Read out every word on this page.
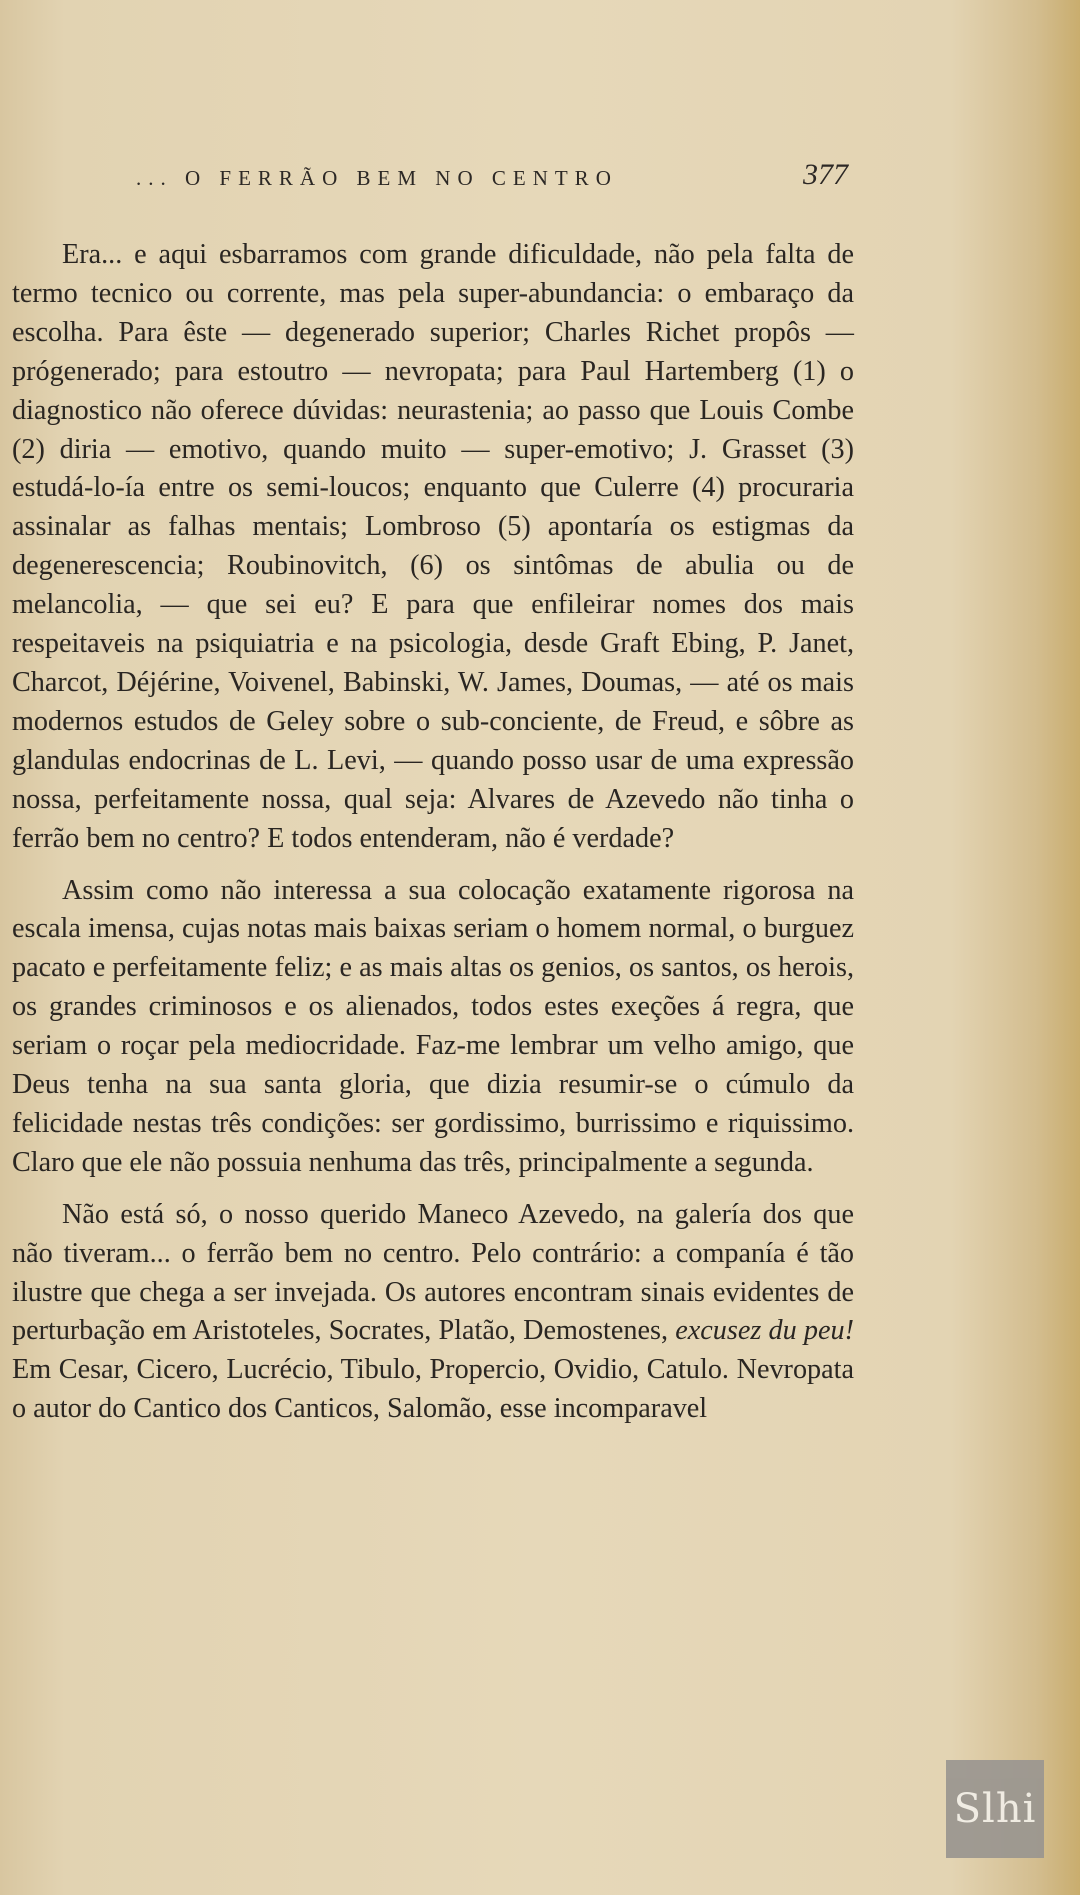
... O FERRÃO BEM NO CENTRO	377

Era... e aqui esbarramos com grande dificuldade, não pela falta de termo tecnico ou corrente, mas pela super-abundancia: o embaraço da escolha. Para êste — degenerado superior; Charles Richet propôs — prógenerado; para estoutro — nevropata; para Paul Hartemberg (1) o diagnostico não oferece dúvidas: neurastenia; ao passo que Louis Combe (2) diria — emotivo, quando muito — super-emotivo; J. Grasset (3) estudá-lo-ía entre os semi-loucos; enquanto que Culerre (4) procuraria assinalar as falhas mentais; Lombroso (5) apontaría os estigmas da degenerescencia; Roubinovitch, (6) os sintômas de abulia ou de melancolia, — que sei eu? E para que enfileirar nomes dos mais respeitaveis na psiquiatria e na psicologia, desde Graft Ebing, P. Janet, Charcot, Déjérine, Voivenel, Babinski, W. James, Doumas, — até os mais modernos estudos de Geley sobre o sub-conciente, de Freud, e sôbre as glandulas endocrinas de L. Levi, — quando posso usar de uma expressão nossa, perfeitamente nossa, qual seja: Alvares de Azevedo não tinha o ferrão bem no centro? E todos entenderam, não é verdade?

Assim como não interessa a sua colocação exatamente rigorosa na escala imensa, cujas notas mais baixas seriam o homem normal, o burguez pacato e perfeitamente feliz; e as mais altas os genios, os santos, os herois, os grandes criminosos e os alienados, todos estes exeções á regra, que seriam o roçar pela mediocridade. Faz-me lembrar um velho amigo, que Deus tenha na sua santa gloria, que dizia resumir-se o cúmulo da felicidade nestas três condições: ser gordissimo, burrissimo e riquissimo. Claro que ele não possuia nenhuma das três, principalmente a segunda.

Não está só, o nosso querido Maneco Azevedo, na galería dos que não tiveram... o ferrão bem no centro. Pelo contrário: a companía é tão ilustre que chega a ser invejada. Os autores encontram sinais evidentes de perturbação em Aristoteles, Socrates, Platão, Demostenes, excusez du peu! Em Cesar, Cicero, Lucrécio, Tibulo, Propercio, Ovidio, Catulo. Nevropata o autor do Cantico dos Canticos, Salomão, esse incomparavel

Slhi
